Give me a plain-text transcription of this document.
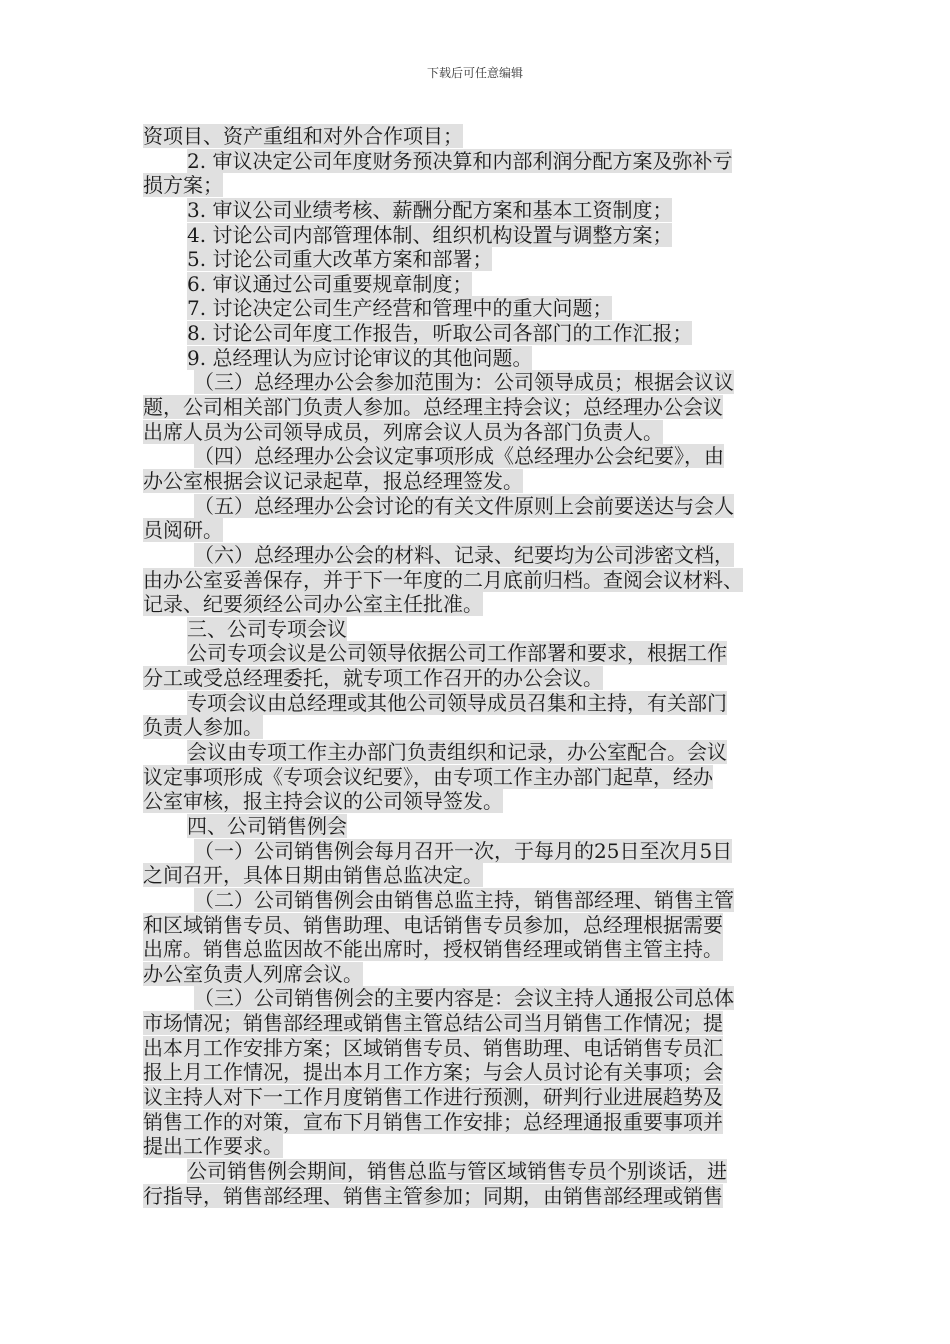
下载后可任意编辑
资项目、资产重组和对外合作项目；
2. 审议决定公司年度财务预决算和内部利润分配方案及弥补亏
损方案；
3. 审议公司业绩考核、薪酬分配方案和基本工资制度；
4. 讨论公司内部管理体制、组织机构设置与调整方案；
5. 讨论公司重大改革方案和部署；
6. 审议通过公司重要规章制度；
7. 讨论决定公司生产经营和管理中的重大问题；
8. 讨论公司年度工作报告，听取公司各部门的工作汇报；
9. 总经理认为应讨论审议的其他问题。
（三）总经理办公会参加范围为：公司领导成员；根据会议议
题，公司相关部门负责人参加。总经理主持会议；总经理办公会议
出席人员为公司领导成员，列席会议人员为各部门负责人。
（四）总经理办公会议定事项形成《总经理办公会纪要》，由
办公室根据会议记录起草，报总经理签发。
（五）总经理办公会讨论的有关文件原则上会前要送达与会人
员阅研。
（六）总经理办公会的材料、记录、纪要均为公司涉密文档，
由办公室妥善保存，并于下一年度的二月底前归档。查阅会议材料、
记录、纪要须经公司办公室主任批准。
三、公司专项会议
公司专项会议是公司领导依据公司工作部署和要求，根据工作
分工或受总经理委托，就专项工作召开的办公会议。
专项会议由总经理或其他公司领导成员召集和主持，有关部门
负责人参加。
会议由专项工作主办部门负责组织和记录，办公室配合。会议
议定事项形成《专项会议纪要》，由专项工作主办部门起草，经办
公室审核，报主持会议的公司领导签发。
四、公司销售例会
（一）公司销售例会每月召开一次，于每月的25日至次月5日
之间召开，具体日期由销售总监决定。
（二）公司销售例会由销售总监主持，销售部经理、销售主管
和区域销售专员、销售助理、电话销售专员参加，总经理根据需要
出席。销售总监因故不能出席时，授权销售经理或销售主管主持。
办公室负责人列席会议。
（三）公司销售例会的主要内容是：会议主持人通报公司总体
市场情况；销售部经理或销售主管总结公司当月销售工作情况；提
出本月工作安排方案；区域销售专员、销售助理、电话销售专员汇
报上月工作情况，提出本月工作方案；与会人员讨论有关事项；会
议主持人对下一工作月度销售工作进行预测，研判行业进展趋势及
销售工作的对策，宣布下月销售工作安排；总经理通报重要事项并
提出工作要求。
公司销售例会期间，销售总监与管区域销售专员个别谈话，进
行指导，销售部经理、销售主管参加；同期，由销售部经理或销售
